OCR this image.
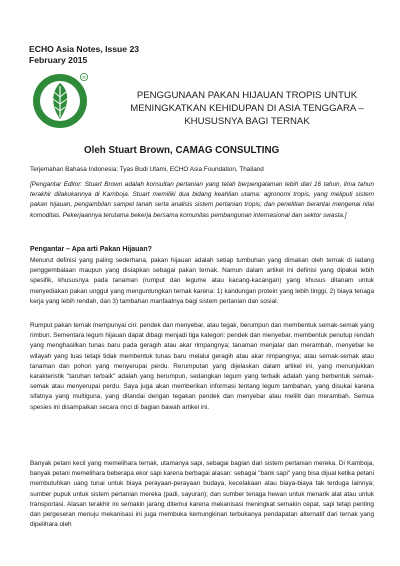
ECHO Asia Notes, Issue 23
February 2015
R
PENGGUNAAN PAKAN HIJAUAN TROPIS UNTUK
MENINGKATKAN KEHIDUPAN DI ASIA TENGGARA –
KHUSUSNYA BAGI TERNAK
Oleh Stuart Brown, CAMAG CONSULTING
Terjemahan Bahasa Indonesia: Tyas Budi Utami, ECHO Asia Foundation, Thailand
[Pengantar Editor: Stuart Brown adalah konsultan pertanian yang telah berpengalaman lebih dari 16 tahun, lima tahun terakhir dilakukannya di Kamboja. Stuart memiliki dua bidang keahlian utama: agronomi tropis, yang meliputi sistem pakan hijauan, pengambilan sampel tanah serta analisis sistem pertanian tropis; dan penelitian berantai mengenai nilai komoditas. Pekerjaannya terutama bekerja bersama komunitas pembangunan internasional dan sektor swasta.]
Pengantar – Apa arti Pakan Hijauan?

Menurut definisi yang paling sederhana, pakan hijauan adalah setiap tumbuhan yang dimakan oleh ternak di ladang penggembalaan maupun yang disiapkan sebagai pakan ternak. Namun dalam artikel ini definisi yang dipakai lebih spesifik, khususnya pada tanaman (rumput dan legume atau kacang-kacangan) yang khusus ditanam untuk menyediakan pakan unggul yang menguntungkan ternak karena: 1) kandungan protein yang lebih tinggi, 2) biaya tenaga kerja yang lebih rendah, dan 3) tambahan manfaatnya bagi sistem pertanian dan sosial.

Rumput pakan ternak mempunyai ciri: pendek dan menyebar, atau tegak, berumpun dan membentuk semak-semak yang rimbun. Sementara legum hijauan dapat dibagi menjadi tiga kategori: pendek dan menyebar, membentuk penutup rendah yang menghasilkan tunas baru pada geragih atau akar rimpangnya; tanaman menjalar dan merambah, menyebar ke wilayah yang luas tetapi tidak membentuk tunas baru melalui geragih atau akar rimpangnya; atau semak-semak atau tanaman dan pohon yang menyerupai perdu. Rerumputan yang dijelaskan dalam artikel ini, yang menunjukkan karakteristik "taruhan terbaik" adalah yang berumpun, sedangkan legum yang terbaik adalah yang berbentuk semak-semak atau menyerupai perdu. Saya juga akan memberikan informasi tentang legum tambahan, yang disukai karena sifatnya yang multiguna, yang ditandai dengan tegakan pendek dan menyebar atau melilit dan merambah. Semua spesies ini disampaikan secara rinci di bagian bawah artikel ini.

Banyak petani kecil yang memelihara ternak, utamanya sapi, sebagai bagian dari sistem pertanian mereka. Di Kamboja, banyak petani memelihara beberapa ekor sapi karena berbagai alasan: sebagai "bank sapi" yang bisa dijual ketika petani membutuhkan uang tunai untuk biaya perayaan-perayaan budaya, kecelakaan atau biaya-biaya tak terduga lainnya; sumber pupuk untuk sistem pertanian mereka (padi, sayuran); dan sumber tenaga hewan untuk menarik alat atau untuk transportasi. Alasan terakhir ini semakin jarang ditemui karena mekanisasi meningkat semakin cepat, sapi tetap penting dan pergeseran menuju mekanisasi ini juga membuka kemungkinan terbukanya pendapatan alternatif dari ternak yang dipelihara oleh
